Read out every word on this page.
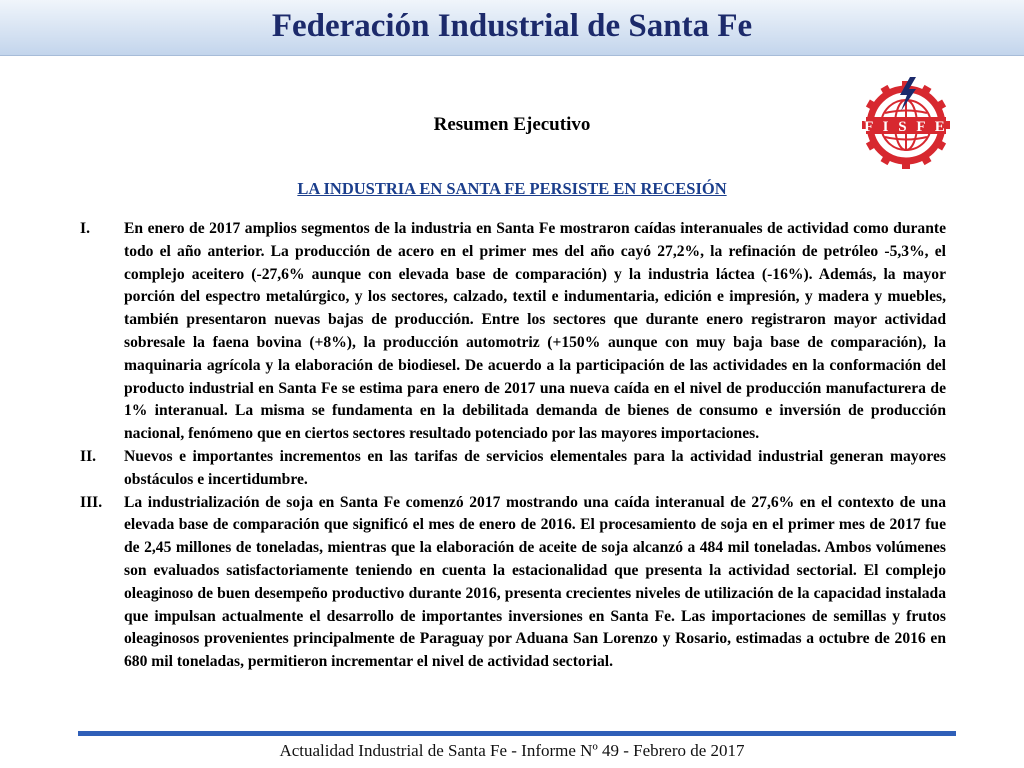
Federación Industrial de Santa Fe
F I S F E
Resumen Ejecutivo
LA INDUSTRIA EN SANTA FE PERSISTE EN RECESIÓN
I. En enero de 2017 amplios segmentos de la industria en Santa Fe mostraron caídas interanuales de actividad como durante todo el año anterior. La producción de acero en el primer mes del año cayó 27,2%, la refinación de petróleo -5,3%, el complejo aceitero (-27,6% aunque con elevada base de comparación) y la industria láctea (-16%). Además, la mayor porción del espectro metalúrgico, y los sectores, calzado, textil e indumentaria, edición e impresión, y madera y muebles, también presentaron nuevas bajas de producción. Entre los sectores que durante enero registraron mayor actividad sobresale la faena bovina (+8%), la producción automotriz (+150% aunque con muy baja base de comparación), la maquinaria agrícola y la elaboración de biodiesel. De acuerdo a la participación de las actividades en la conformación del producto industrial en Santa Fe se estima para enero de 2017 una nueva caída en el nivel de producción manufacturera de 1% interanual. La misma se fundamenta en la debilitada demanda de bienes de consumo e inversión de producción nacional, fenómeno que en ciertos sectores resultado potenciado por las mayores importaciones.
II. Nuevos e importantes incrementos en las tarifas de servicios elementales para la actividad industrial generan mayores obstáculos e incertidumbre.
III. La industrialización de soja en Santa Fe comenzó 2017 mostrando una caída interanual de 27,6% en el contexto de una elevada base de comparación que significó el mes de enero de 2016. El procesamiento de soja en el primer mes de 2017 fue de 2,45 millones de toneladas, mientras que la elaboración de aceite de soja alcanzó a 484 mil toneladas. Ambos volúmenes son evaluados satisfactoriamente teniendo en cuenta la estacionalidad que presenta la actividad sectorial. El complejo oleaginoso de buen desempeño productivo durante 2016, presenta crecientes niveles de utilización de la capacidad instalada que impulsan actualmente el desarrollo de importantes inversiones en Santa Fe. Las importaciones de semillas y frutos oleaginosos provenientes principalmente de Paraguay por Aduana San Lorenzo y Rosario, estimadas a octubre de 2016 en 680 mil toneladas, permitieron incrementar el nivel de actividad sectorial.
Actualidad Industrial de Santa Fe - Informe Nº 49 - Febrero de 2017
